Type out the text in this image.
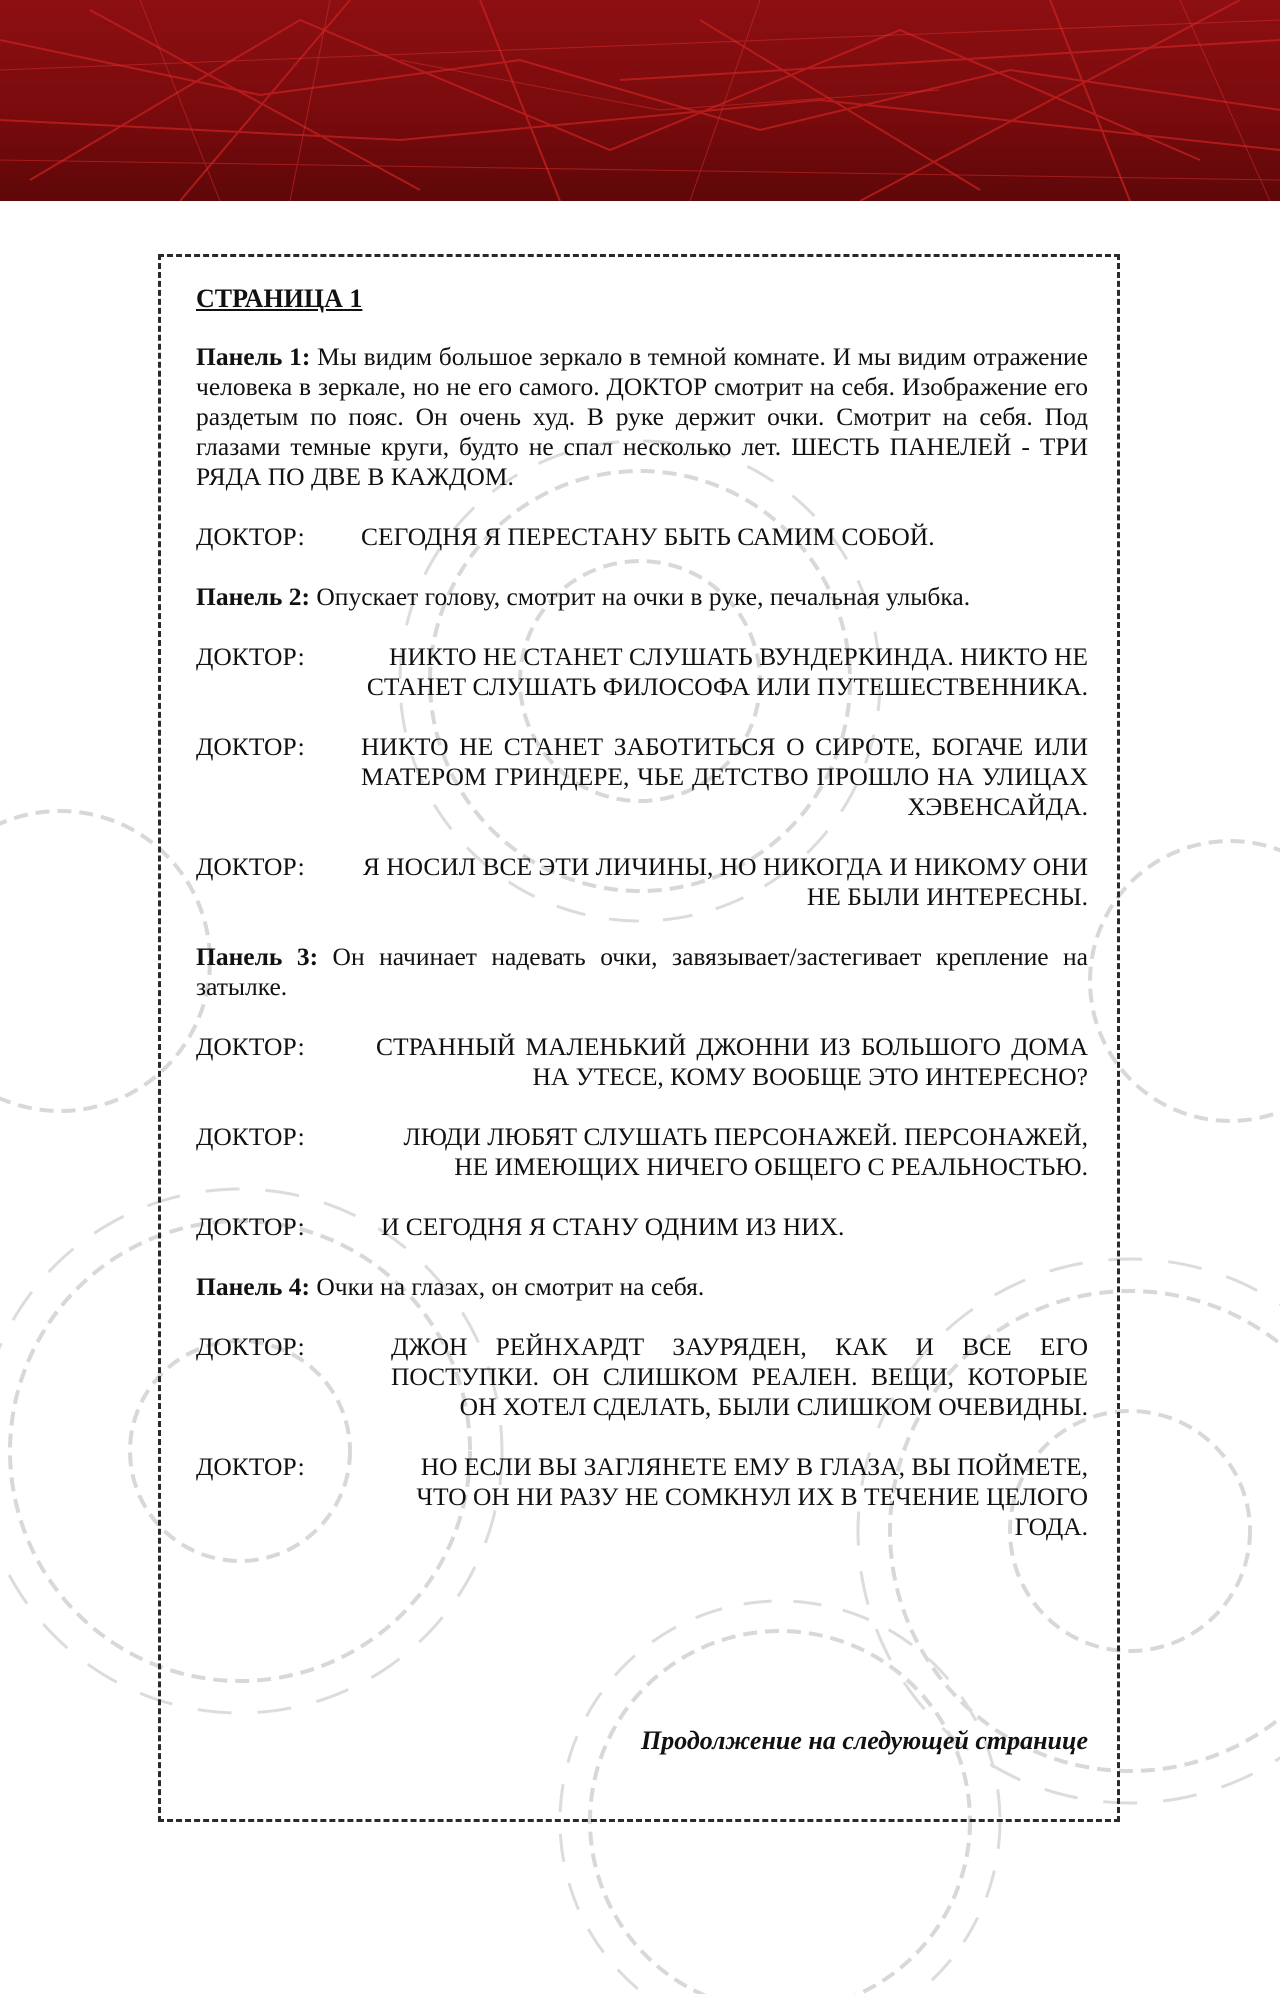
СТРАНИЦА 1
Панель 1: Мы видим большое зеркало в темной комнате. И мы видим отражение человека в зеркале, но не его самого. ДОКТОР смотрит на себя. Изображение его раздетым по пояс. Он очень худ. В руке держит очки. Смотрит на себя. Под глазами темные круги, будто не спал несколько лет. ШЕСТЬ ПАНЕЛЕЙ - ТРИ РЯДА ПО ДВЕ В КАЖДОМ.
ДОКТОР:	СЕГОДНЯ Я ПЕРЕСТАНУ БЫТЬ САМИМ СОБОЙ.
Панель 2: Опускает голову, смотрит на очки в руке, печальная улыбка.
ДОКТОР:	НИКТО НЕ СТАНЕТ СЛУШАТЬ ВУНДЕРКИНДА. НИКТО НЕ СТАНЕТ СЛУШАТЬ ФИЛОСОФА ИЛИ ПУТЕШЕСТВЕННИКА.
ДОКТОР:	НИКТО НЕ СТАНЕТ ЗАБОТИТЬСЯ О СИРОТЕ, БОГАЧЕ ИЛИ МАТЕРОМ ГРИНДЕРЕ, ЧЬЕ ДЕТСТВО ПРОШЛО НА УЛИЦАХ ХЭВЕНСАЙДА.
ДОКТОР:	Я НОСИЛ ВСЕ ЭТИ ЛИЧИНЫ, НО НИКОГДА И НИКОМУ ОНИ НЕ БЫЛИ ИНТЕРЕСНЫ.
Панель 3: Он начинает надевать очки, завязывает/застегивает крепление на затылке.
ДОКТОР:	СТРАННЫЙ МАЛЕНЬКИЙ ДЖОННИ ИЗ БОЛЬШОГО ДОМА НА УТЕСЕ, КОМУ ВООБЩЕ ЭТО ИНТЕРЕСНО?
ДОКТОР:	ЛЮДИ ЛЮБЯТ СЛУШАТЬ ПЕРСОНАЖЕЙ. ПЕРСОНАЖЕЙ, НЕ ИМЕЮЩИХ НИЧЕГО ОБЩЕГО С РЕАЛЬНОСТЬЮ.
ДОКТОР:	И СЕГОДНЯ Я СТАНУ ОДНИМ ИЗ НИХ.
Панель 4: Очки на глазах, он смотрит на себя.
ДОКТОР:	ДЖОН РЕЙНХАРДТ ЗАУРЯДЕН, КАК И ВСЕ ЕГО ПОСТУПКИ. ОН СЛИШКОМ РЕАЛЕН. ВЕЩИ, КОТОРЫЕ ОН ХОТЕЛ СДЕЛАТЬ, БЫЛИ СЛИШКОМ ОЧЕВИДНЫ.
ДОКТОР:	НО ЕСЛИ ВЫ ЗАГЛЯНЕТЕ ЕМУ В ГЛАЗА, ВЫ ПОЙМЕТЕ, ЧТО ОН НИ РАЗУ НЕ СОМКНУЛ ИХ В ТЕЧЕНИЕ ЦЕЛОГО ГОДА.
Продолжение на следующей странице
